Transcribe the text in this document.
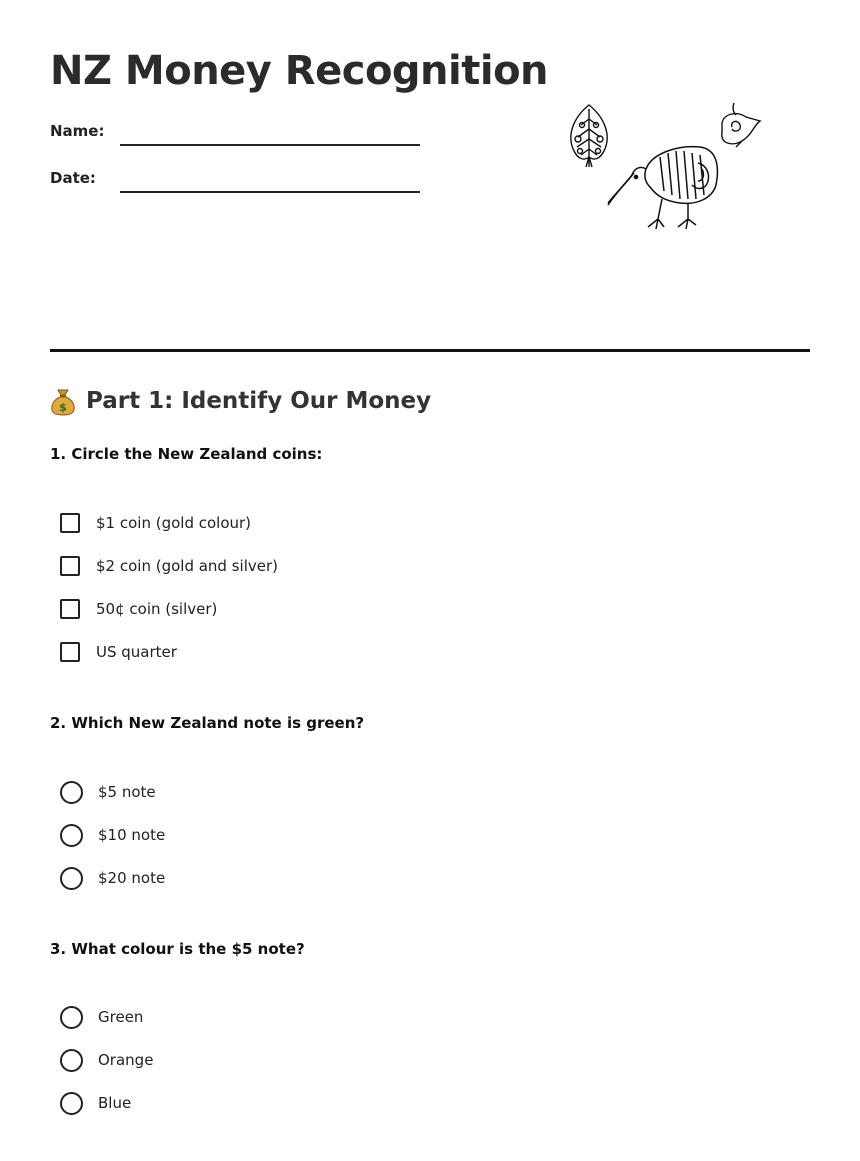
NZ Money Recognition
Name:
Date:
$ Part 1: Identify Our Money

1. Circle the New Zealand coins:

$1 coin (gold colour)
$2 coin (gold and silver)
50¢ coin (silver)
US quarter

2. Which New Zealand note is green?

$5 note
$10 note
$20 note

3. What colour is the $5 note?

Green
Orange
Blue
